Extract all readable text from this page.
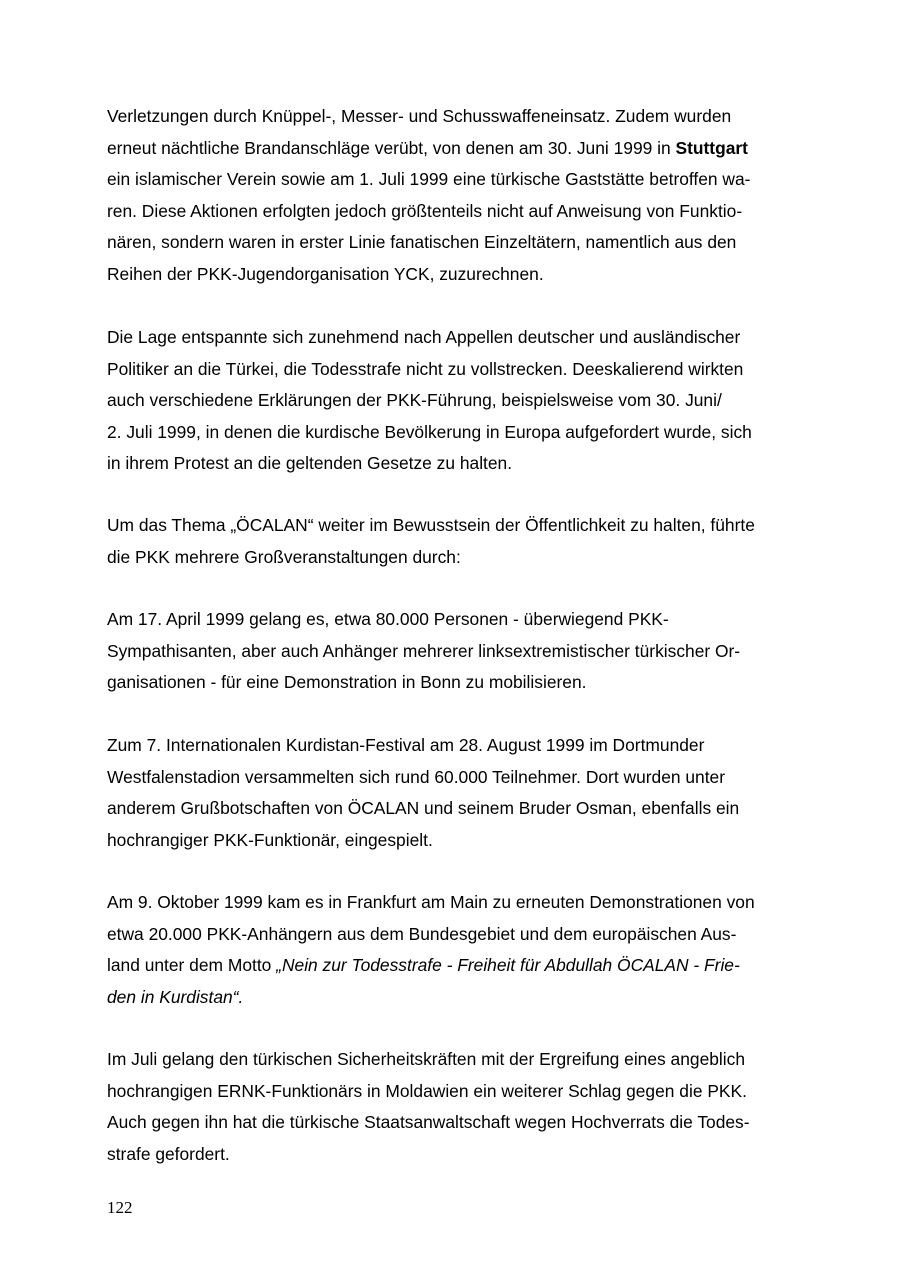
Verletzungen durch Knüppel-, Messer- und Schusswaffeneinsatz. Zudem wurden
erneut nächtliche Brandanschläge verübt, von denen am 30. Juni 1999 in Stuttgart
ein islamischer Verein sowie am 1. Juli 1999 eine türkische Gaststätte betroffen wa-
ren. Diese Aktionen erfolgten jedoch größtenteils nicht auf Anweisung von Funktio-
nären, sondern waren in erster Linie fanatischen Einzeltätern, namentlich aus den
Reihen der PKK-Jugendorganisation YCK, zuzurechnen.

Die Lage entspannte sich zunehmend nach Appellen deutscher und ausländischer
Politiker an die Türkei, die Todesstrafe nicht zu vollstrecken. Deeskalierend wirkten
auch verschiedene Erklärungen der PKK-Führung, beispielsweise vom 30. Juni/
2. Juli 1999, in denen die kurdische Bevölkerung in Europa aufgefordert wurde, sich
in ihrem Protest an die geltenden Gesetze zu halten.

Um das Thema „ÖCALAN“ weiter im Bewusstsein der Öffentlichkeit zu halten, führte
die PKK mehrere Großveranstaltungen durch:

Am 17. April 1999 gelang es, etwa 80.000 Personen - überwiegend PKK-
Sympathisanten, aber auch Anhänger mehrerer linksextremistischer türkischer Or-
ganisationen - für eine Demonstration in Bonn zu mobilisieren.

Zum 7. Internationalen Kurdistan-Festival am 28. August 1999 im Dortmunder
Westfalenstadion versammelten sich rund 60.000 Teilnehmer. Dort wurden unter
anderem Grußbotschaften von ÖCALAN und seinem Bruder Osman, ebenfalls ein
hochrangiger PKK-Funktionär, eingespielt.

Am 9. Oktober 1999 kam es in Frankfurt am Main zu erneuten Demonstrationen von
etwa 20.000 PKK-Anhängern aus dem Bundesgebiet und dem europäischen Aus-
land unter dem Motto „Nein zur Todesstrafe - Freiheit für Abdullah ÖCALAN - Frie-
den in Kurdistan“.

Im Juli gelang den türkischen Sicherheitskräften mit der Ergreifung eines angeblich
hochrangigen ERNK-Funktionärs in Moldawien ein weiterer Schlag gegen die PKK.
Auch gegen ihn hat die türkische Staatsanwaltschaft wegen Hochverrats die Todes-
strafe gefordert.

122
